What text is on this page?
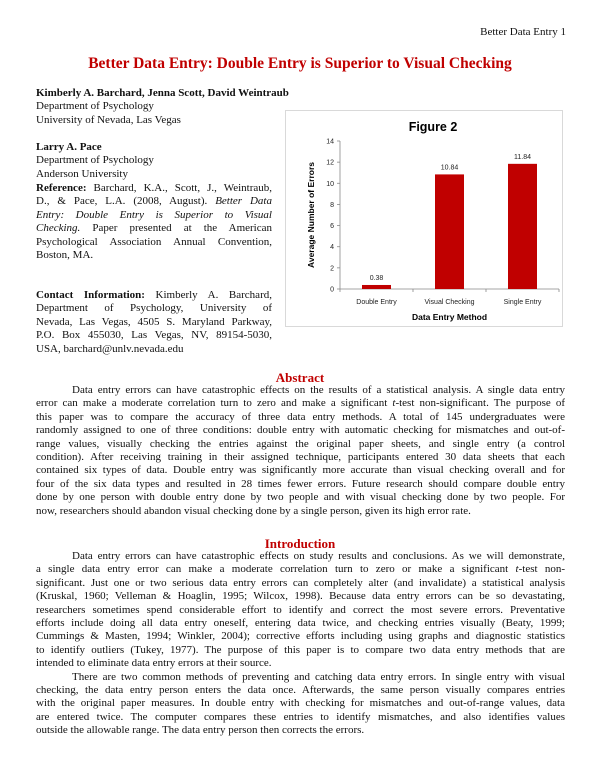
Better Data Entry 1
Better Data Entry: Double Entry is Superior to Visual Checking
Kimberly A. Barchard, Jenna Scott, David Weintraub
Department of Psychology
University of Nevada, Las Vegas
Larry A. Pace
Department of Psychology
Anderson University
Reference: Barchard, K.A., Scott, J., Weintraub,
D., & Pace, L.A. (2008, August). Better Data
Entry: Double Entry is Superior to Visual
Checking. Paper presented at the American
Psychological Association Annual Convention,
Boston, MA.
Contact Information: Kimberly A. Barchard,
Department of Psychology, University of
Nevada, Las Vegas, 4505 S. Maryland Parkway,
P.O. Box 455030, Las Vegas, NV, 89154-5030,
USA, barchard@unlv.nevada.edu
Figure 2
0
2
4
6
8
10
12
14
0.38
Double Entry
10.84
Visual Checking
11.84
Single Entry
Data Entry Method
Average Number of Errors
Abstract
Data entry errors can have catastrophic effects on the results of a statistical analysis. A single data entry
error can make a moderate correlation turn to zero and make a significant t-test non-significant. The purpose of
this paper was to compare the accuracy of three data entry methods. A total of 145 undergraduates were
randomly assigned to one of three conditions: double entry with automatic checking for mismatches and out-of-
range values, visually checking the entries against the original paper sheets, and single entry (a control
condition). After receiving training in their assigned technique, participants entered 30 data sheets that each
contained six types of data. Double entry was significantly more accurate than visual checking overall and for
four of the six data types and resulted in 28 times fewer errors. Future research should compare double entry
done by one person with double entry done by two people and with visual checking done by two people. For
now, researchers should abandon visual checking done by a single person, given its high error rate.
Introduction
Data entry errors can have catastrophic effects on study results and conclusions. As we will demonstrate,
a single data entry error can make a moderate correlation turn to zero or make a significant t-test non-
significant. Just one or two serious data entry errors can completely alter (and invalidate) a statistical analysis
(Kruskal, 1960; Velleman & Hoaglin, 1995; Wilcox, 1998). Because data entry errors can be so devastating,
researchers sometimes spend considerable effort to identify and correct the most severe errors. Preventative
efforts include doing all data entry oneself, entering data twice, and checking entries visually (Beaty, 1999;
Cummings & Masten, 1994; Winkler, 2004); corrective efforts including using graphs and diagnostic statistics
to identify outliers (Tukey, 1977). The purpose of this paper is to compare two data entry methods that are
intended to eliminate data entry errors at their source.
There are two common methods of preventing and catching data entry errors. In single entry with visual
checking, the data entry person enters the data once. Afterwards, the same person visually compares entries
with the original paper measures. In double entry with checking for mismatches and out-of-range values, data
are entered twice. The computer compares these entries to identify mismatches, and also identifies values
outside the allowable range. The data entry person then corrects the errors.
